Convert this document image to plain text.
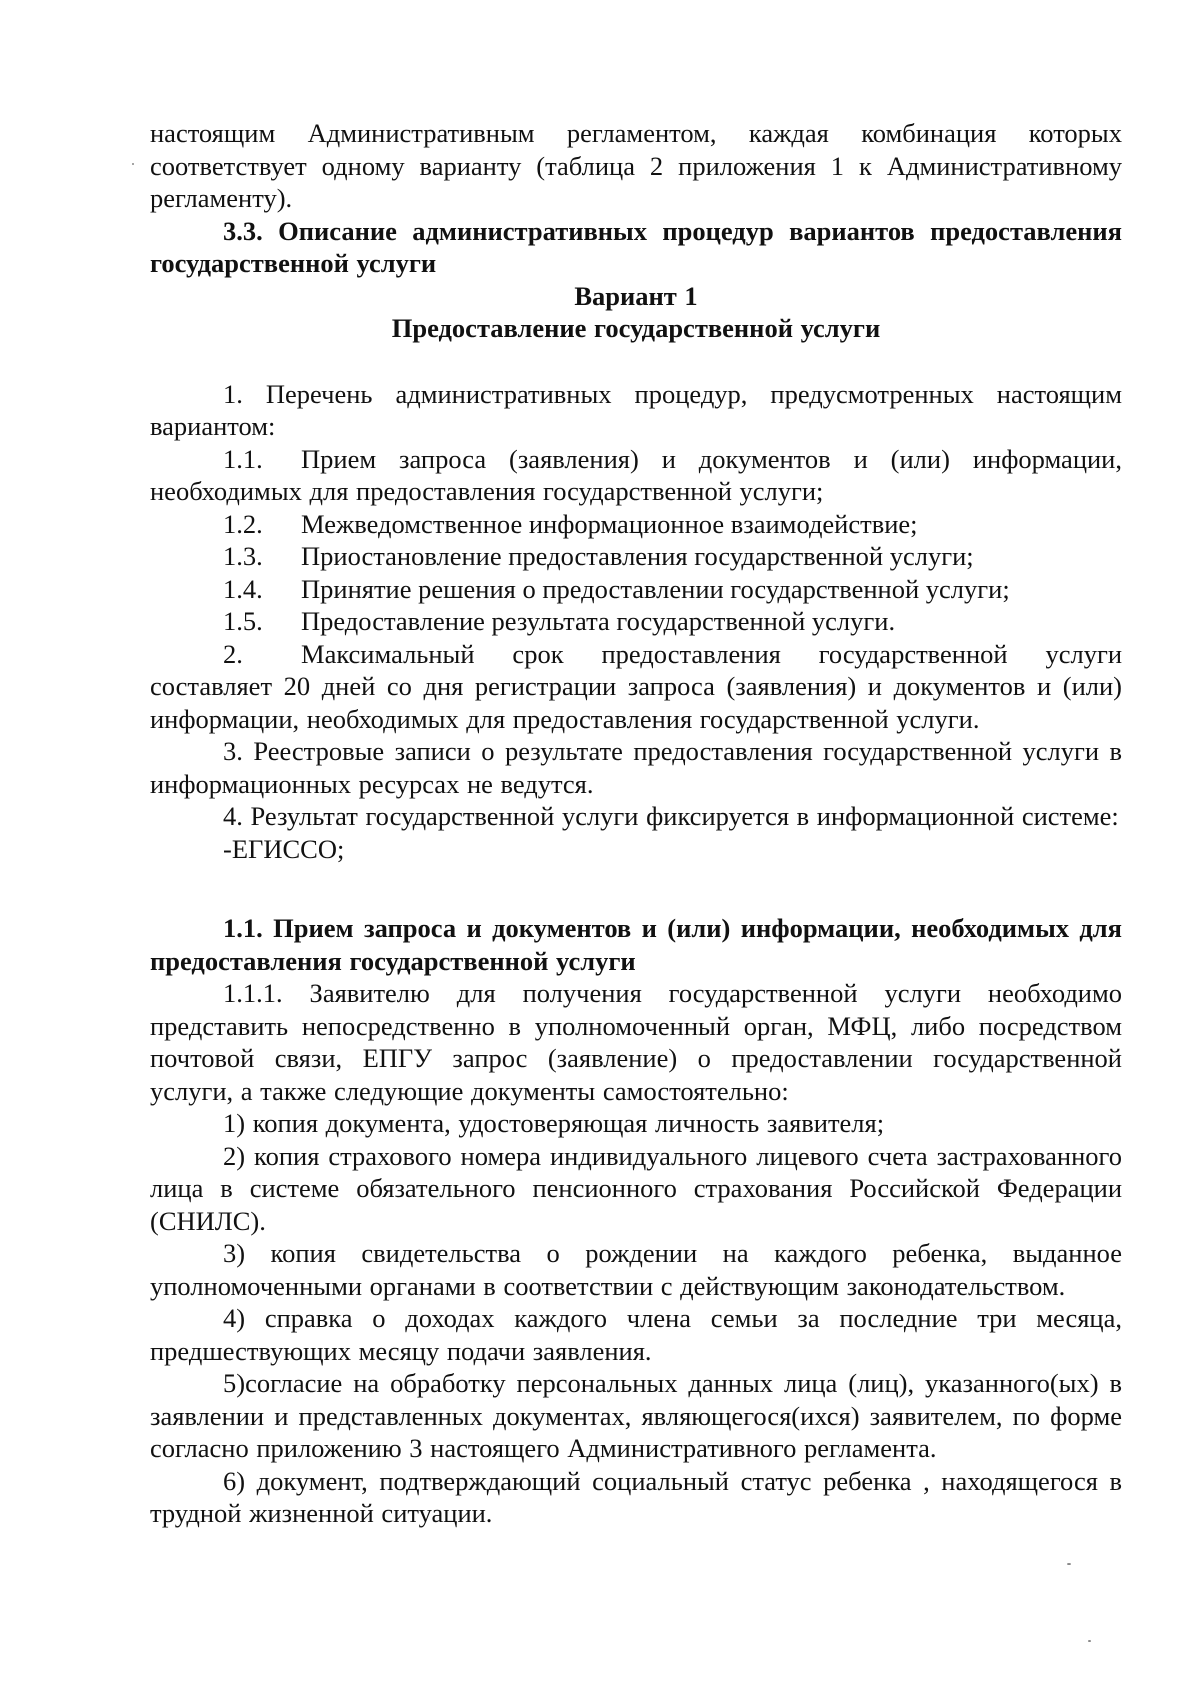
настоящим Административным регламентом, каждая комбинация которых

соответствует одному варианту (таблица 2 приложения 1 к Административному

регламенту).

3.3. Описание административных процедур вариантов предоставления государственной услуги

Вариант 1

Предоставление государственной услуги

1. Перечень административных процедур, предусмотренных настоящим вариантом:

1.1.	Прием запроса (заявления) и документов и (или) информации,

необходимых для предоставления государственной услуги;

1.2.	Межведомственное информационное взаимодействие;
1.3.	Приостановление предоставления государственной услуги;
1.4.	Принятие решения о предоставлении государственной услуги;
1.5.	Предоставление результата государственной услуги.
2.	Максимальный срок предоставления государственной услуги

составляет 20 дней со дня регистрации запроса (заявления) и документов и (или) информации, необходимых для предоставления государственной услуги.

3. Реестровые записи о результате предоставления государственной услуги в информационных ресурсах не ведутся.

4. Результат государственной услуги фиксируется в информационной системе:

-ЕГИССО;

1.1. Прием запроса и документов и (или) информации, необходимых для предоставления государственной услуги

1.1.1. Заявителю для получения государственной услуги необходимо представить непосредственно в уполномоченный орган, МФЦ, либо посредством почтовой связи, ЕПГУ запрос (заявление) о предоставлении государственной услуги, а также следующие документы самостоятельно:

1) копия документа, удостоверяющая личность заявителя;

2) копия страхового номера индивидуального лицевого счета застрахованного лица в системе обязательного пенсионного страхования Российской Федерации (СНИЛС).

3) копия свидетельства о рождении на каждого ребенка, выданное уполномоченными органами в соответствии с действующим законодательством.

4) справка о доходах каждого члена семьи за последние три месяца, предшествующих месяцу подачи заявления.

5)согласие на обработку персональных данных лица (лиц), указанного(ых) в заявлении и представленных документах, являющегося(ихся) заявителем, по форме согласно приложению 3 настоящего Административного регламента.

6) документ, подтверждающий социальный статус ребенка , находящегося в трудной жизненной ситуации.
